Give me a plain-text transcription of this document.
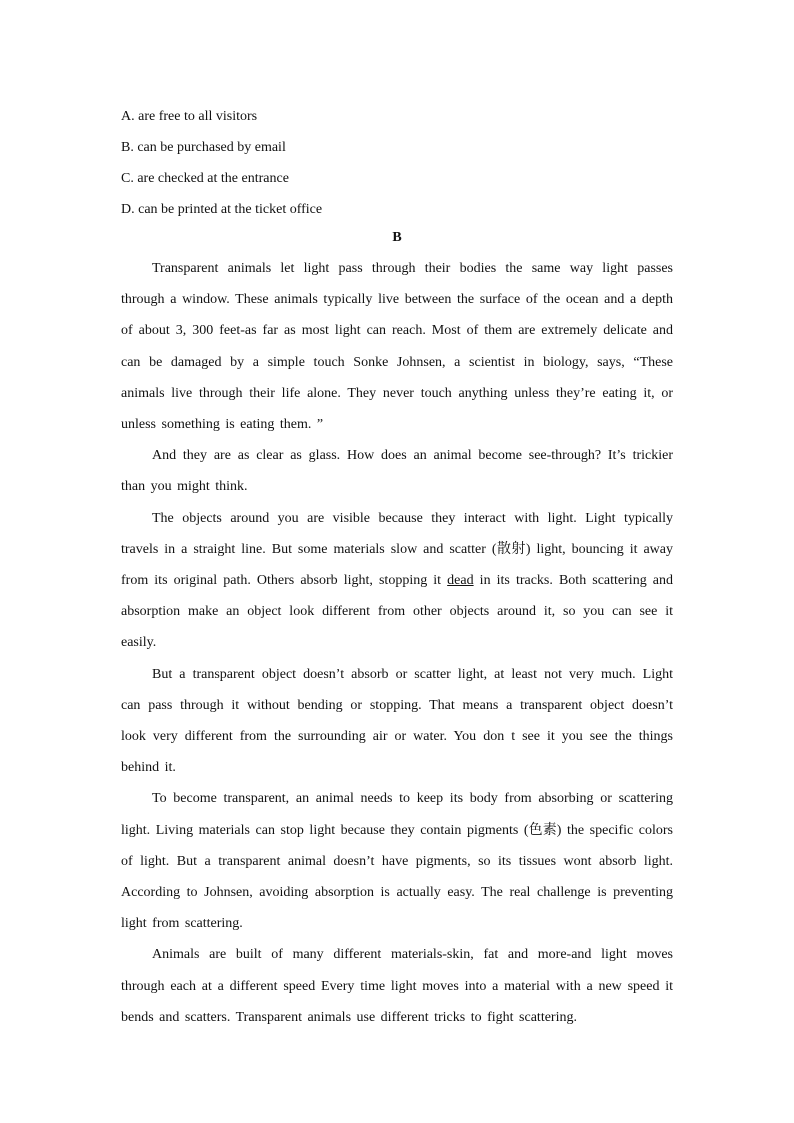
A. are free to all visitors
B. can be purchased by email
C. are checked at the entrance
D. can be printed at the ticket office
B

Transparent animals let light pass through their bodies the same way light passes through a window. These animals typically live between the surface of the ocean and a depth of about 3, 300 feet-as far as most light can reach. Most of them are extremely delicate and can be damaged by a simple touch Sonke Johnsen, a scientist in biology, says, “These animals live through their life alone. They never touch anything unless they’re eating it, or unless something is eating them. ”

And they are as clear as glass. How does an animal become see-through? It’s trickier than you might think.

The objects around you are visible because they interact with light. Light typically travels in a straight line. But some materials slow and scatter (散射) light, bouncing it away from its original path. Others absorb light, stopping it dead in its tracks. Both scattering and absorption make an object look different from other objects around it, so you can see it easily.

But a transparent object doesn’t absorb or scatter light, at least not very much. Light can pass through it without bending or stopping. That means a transparent object doesn’t look very different from the surrounding air or water. You don t see it you see the things behind it.

To become transparent, an animal needs to keep its body from absorbing or scattering light. Living materials can stop light because they contain pigments (色素) the specific colors of light. But a transparent animal doesn’t have pigments, so its tissues wont absorb light. According to Johnsen, avoiding absorption is actually easy. The real challenge is preventing light from scattering.

Animals are built of many different materials-skin, fat and more-and light moves through each at a different speed Every time light moves into a material with a new speed it bends and scatters. Transparent animals use different tricks to fight scattering.
